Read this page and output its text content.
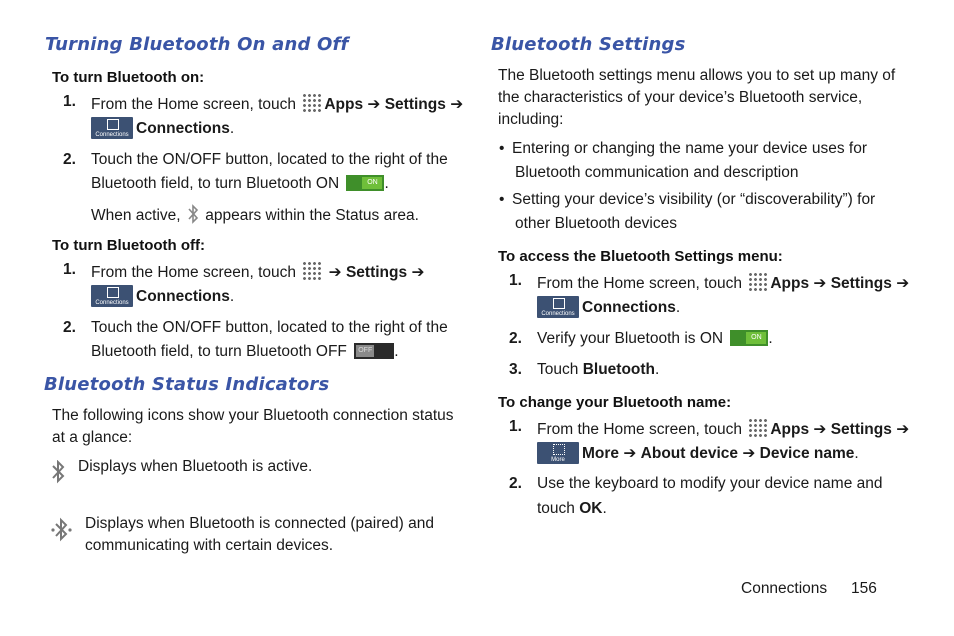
Turning Bluetooth On and Off
To turn Bluetooth on:
1. From the Home screen, touch Apps ➔ Settings ➔
Connections Connections.
2. Touch the ON/OFF button, located to the right of the
Bluetooth field, to turn Bluetooth ON	ON .
When active, appears within the Status area.
To turn Bluetooth off:
1. From the Home screen, touch ➔ Settings ➔
Connections Connections.
2. Touch the ON/OFF button, located to the right of the
Bluetooth field, to turn Bluetooth OFF OFF .
Bluetooth Status Indicators
The following icons show your Bluetooth connection status
at a glance:
Displays when Bluetooth is active.
Displays when Bluetooth is connected (paired) and
communicating with certain devices.
Bluetooth Settings
The Bluetooth settings menu allows you to set up many of
the characteristics of your device’s Bluetooth service,
including:
• Entering or changing the name your device uses for
Bluetooth communication and description
• Setting your device’s visibility (or “discoverability”) for
other Bluetooth devices
To access the Bluetooth Settings menu:
1. From the Home screen, touch Apps ➔ Settings ➔
Connections Connections.
2. Verify your Bluetooth is ON	ON .
3. Touch Bluetooth.
To change your Bluetooth name:
1. From the Home screen, touch Apps ➔ Settings ➔
More	More ➔ About device ➔ Device name.
2. Use the keyboard to modify your device name and
touch OK.
Connections 156
